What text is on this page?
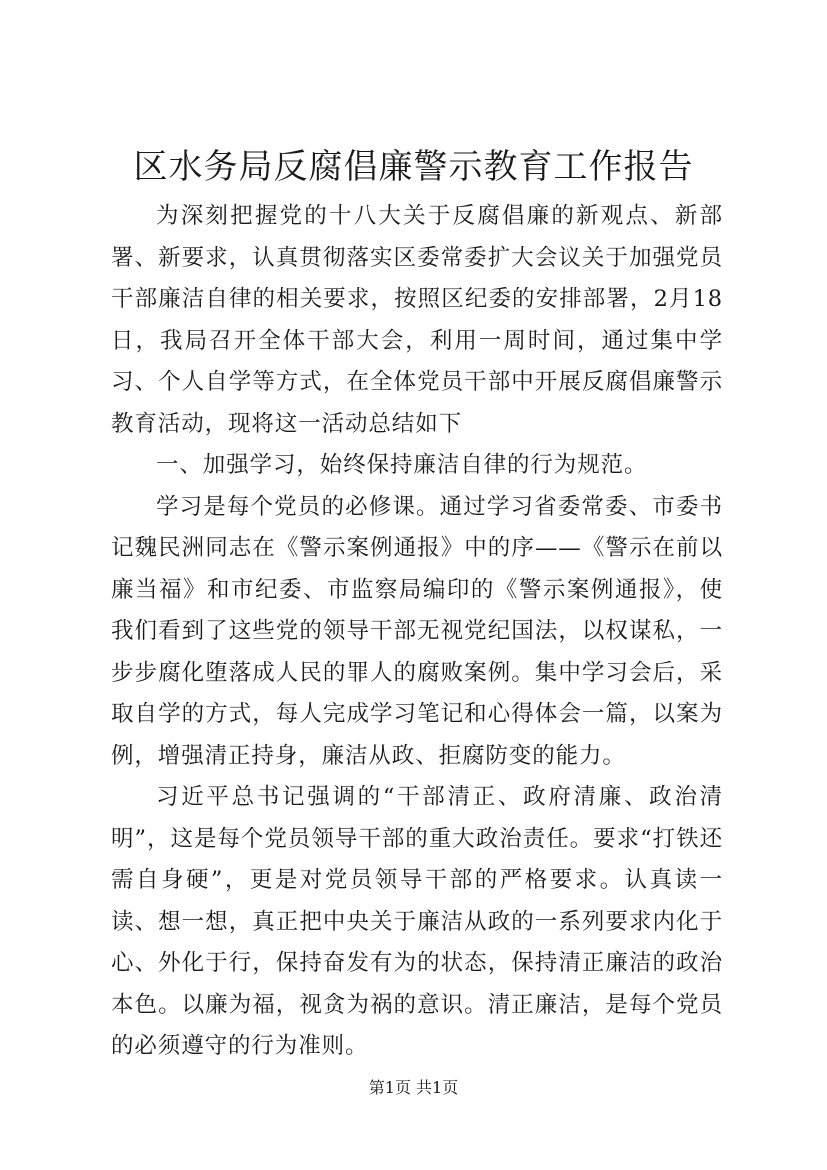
区水务局反腐倡廉警示教育工作报告

为深刻把握党的十八大关于反腐倡廉的新观点、新部署、新要求，认真贯彻落实区委常委扩大会议关于加强党员干部廉洁自律的相关要求，按照区纪委的安排部署，2月18日，我局召开全体干部大会，利用一周时间，通过集中学习、个人自学等方式，在全体党员干部中开展反腐倡廉警示教育活动，现将这一活动总结如下

一、加强学习，始终保持廉洁自律的行为规范。

学习是每个党员的必修课。通过学习省委常委、市委书记魏民洲同志在《警示案例通报》中的序——《警示在前以廉当福》和市纪委、市监察局编印的《警示案例通报》，使我们看到了这些党的领导干部无视党纪国法，以权谋私，一步步腐化堕落成人民的罪人的腐败案例。集中学习会后，采取自学的方式，每人完成学习笔记和心得体会一篇，以案为例，增强清正持身，廉洁从政、拒腐防变的能力。

习近平总书记强调的“干部清正、政府清廉、政治清明”，这是每个党员领导干部的重大政治责任。要求“打铁还需自身硬”，更是对党员领导干部的严格要求。认真读一读、想一想，真正把中央关于廉洁从政的一系列要求内化于心、外化于行，保持奋发有为的状态，保持清正廉洁的政治本色。以廉为福，视贪为祸的意识。清正廉洁，是每个党员的必须遵守的行为准则。

第1页 共1页
